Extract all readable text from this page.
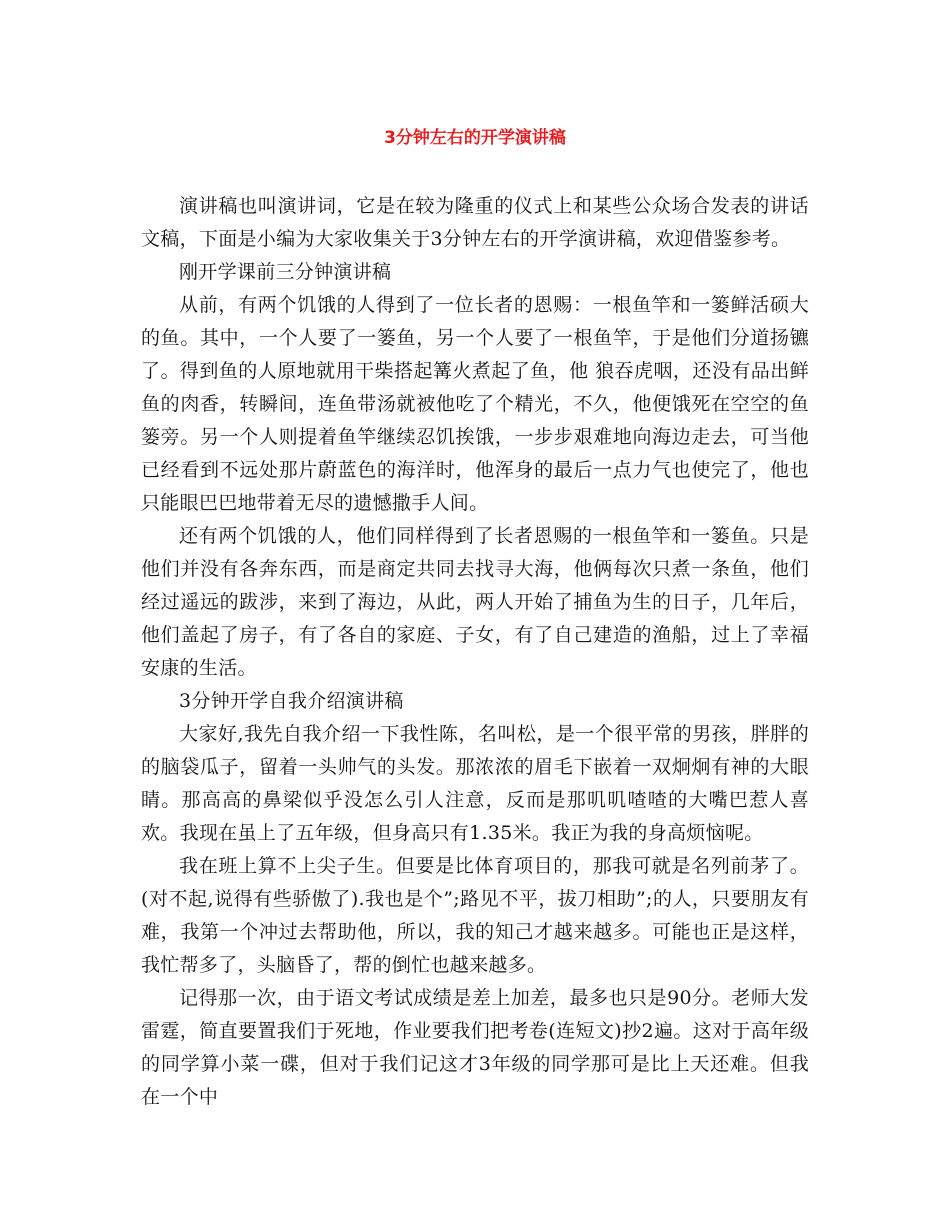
3分钟左右的开学演讲稿

演讲稿也叫演讲词，它是在较为隆重的仪式上和某些公众场合发表的讲话文稿，下面是小编为大家收集关于3分钟左右的开学演讲稿，欢迎借鉴参考。

刚开学课前三分钟演讲稿

从前，有两个饥饿的人得到了一位长者的恩赐：一根鱼竿和一篓鲜活硕大的鱼。其中，一个人要了一篓鱼，另一个人要了一根鱼竿，于是他们分道扬镳了。得到鱼的人原地就用干柴搭起篝火煮起了鱼，他 狼吞虎咽，还没有品出鲜鱼的肉香，转瞬间，连鱼带汤就被他吃了个精光，不久，他便饿死在空空的鱼篓旁。另一个人则提着鱼竿继续忍饥挨饿，一步步艰难地向海边走去，可当他已经看到不远处那片蔚蓝色的海洋时，他浑身的最后一点力气也使完了，他也只能眼巴巴地带着无尽的遗憾撒手人间。

还有两个饥饿的人，他们同样得到了长者恩赐的一根鱼竿和一篓鱼。只是他们并没有各奔东西，而是商定共同去找寻大海，他俩每次只煮一条鱼，他们经过遥远的跋涉，来到了海边，从此，两人开始了捕鱼为生的日子，几年后，他们盖起了房子，有了各自的家庭、子女，有了自己建造的渔船，过上了幸福安康的生活。

3分钟开学自我介绍演讲稿

大家好,我先自我介绍一下我性陈，名叫松，是一个很平常的男孩，胖胖的的脑袋瓜子，留着一头帅气的头发。那浓浓的眉毛下嵌着一双炯炯有神的大眼睛。那高高的鼻梁似乎没怎么引人注意，反而是那叽叽喳喳的大嘴巴惹人喜欢。我现在虽上了五年级，但身高只有1.35米。我正为我的身高烦恼呢。

我在班上算不上尖子生。但要是比体育项目的，那我可就是名列前茅了。(对不起,说得有些骄傲了).我也是个”;路见不平，拔刀相助”;的人，只要朋友有难，我第一个冲过去帮助他，所以，我的知己才越来越多。可能也正是这样，我忙帮多了，头脑昏了，帮的倒忙也越来越多。

记得那一次，由于语文考试成绩是差上加差，最多也只是90分。老师大发雷霆，简直要置我们于死地，作业要我们把考卷(连短文)抄2遍。这对于高年级的同学算小菜一碟，但对于我们记这才3年级的同学那可是比上天还难。但我在一个中
